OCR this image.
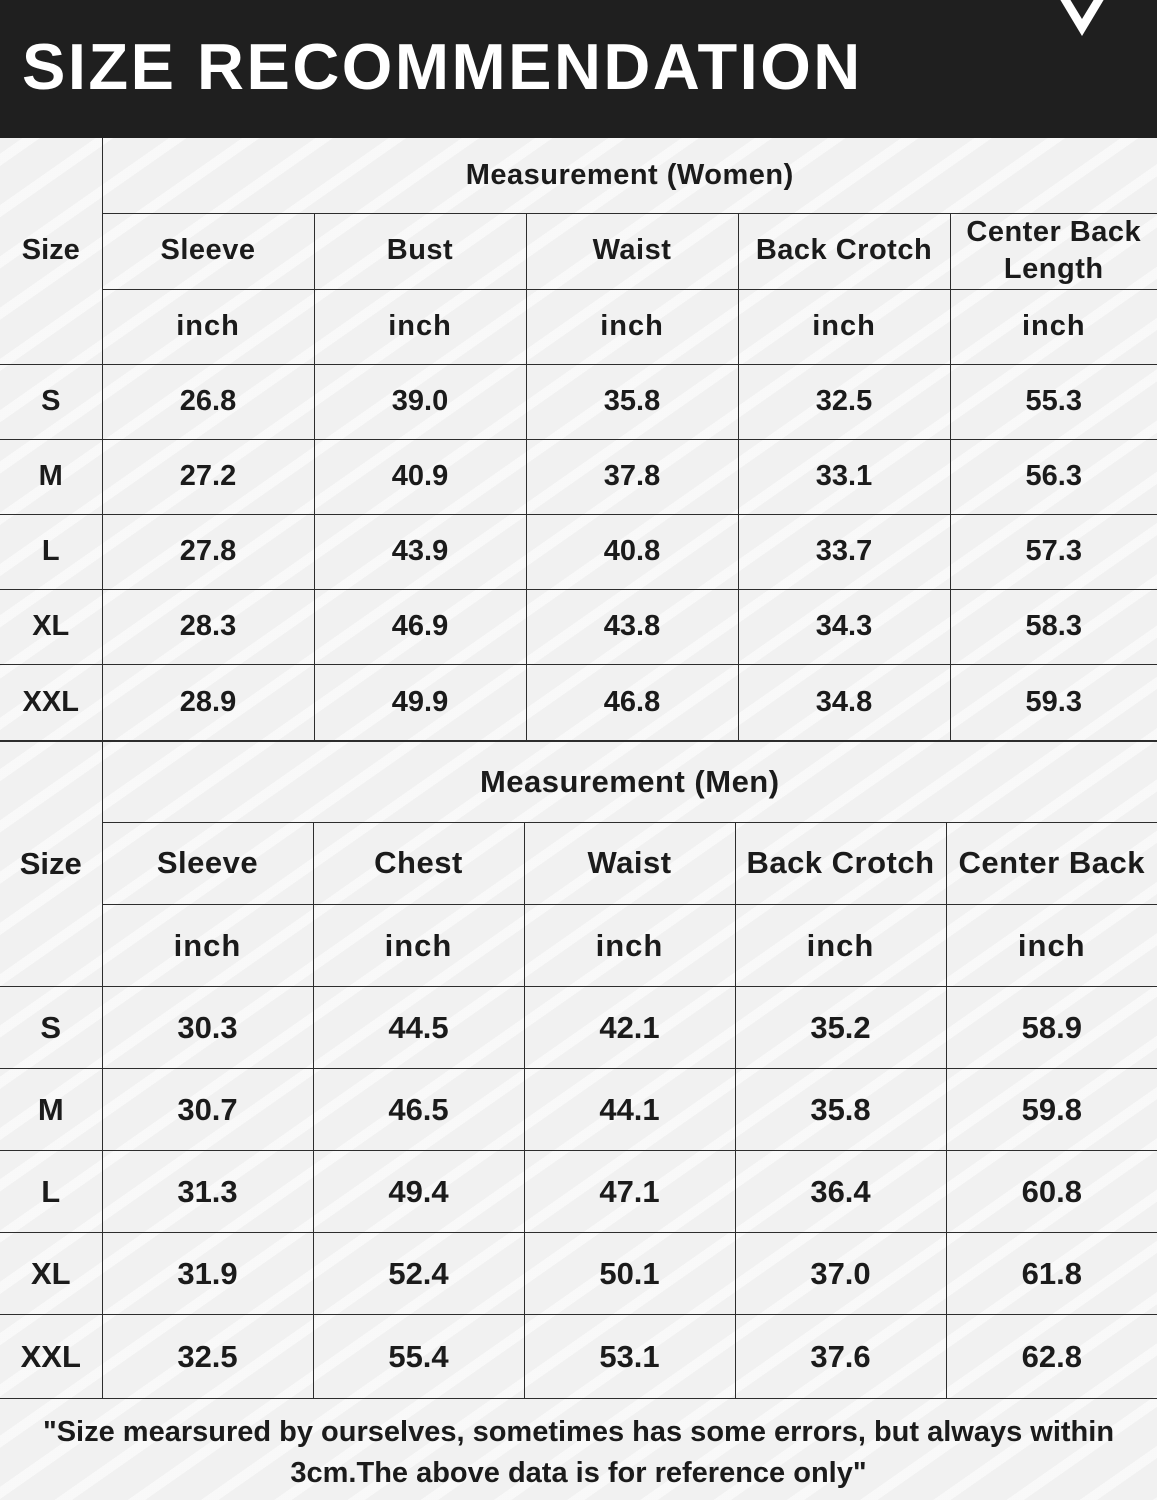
SIZE RECOMMENDATION
Size	Measurement (Women)				
	Sleeve	Bust	Waist	Back Crotch	Center Back Length
	inch	inch	inch	inch	inch
S	26.8	39.0	35.8	32.5	55.3
M	27.2	40.9	37.8	33.1	56.3
L	27.8	43.9	40.8	33.7	57.3
XL	28.3	46.9	43.8	34.3	58.3
XXL	28.9	49.9	46.8	34.8	59.3
Size	Measurement (Men)				
	Sleeve	Chest	Waist	Back Crotch	Center Back
	inch	inch	inch	inch	inch
S	30.3	44.5	42.1	35.2	58.9
M	30.7	46.5	44.1	35.8	59.8
L	31.3	49.4	47.1	36.4	60.8
XL	31.9	52.4	50.1	37.0	61.8
XXL	32.5	55.4	53.1	37.6	62.8
"Size mearsured by ourselves, sometimes has some errors, but always within 3cm.The above data is for reference only"
